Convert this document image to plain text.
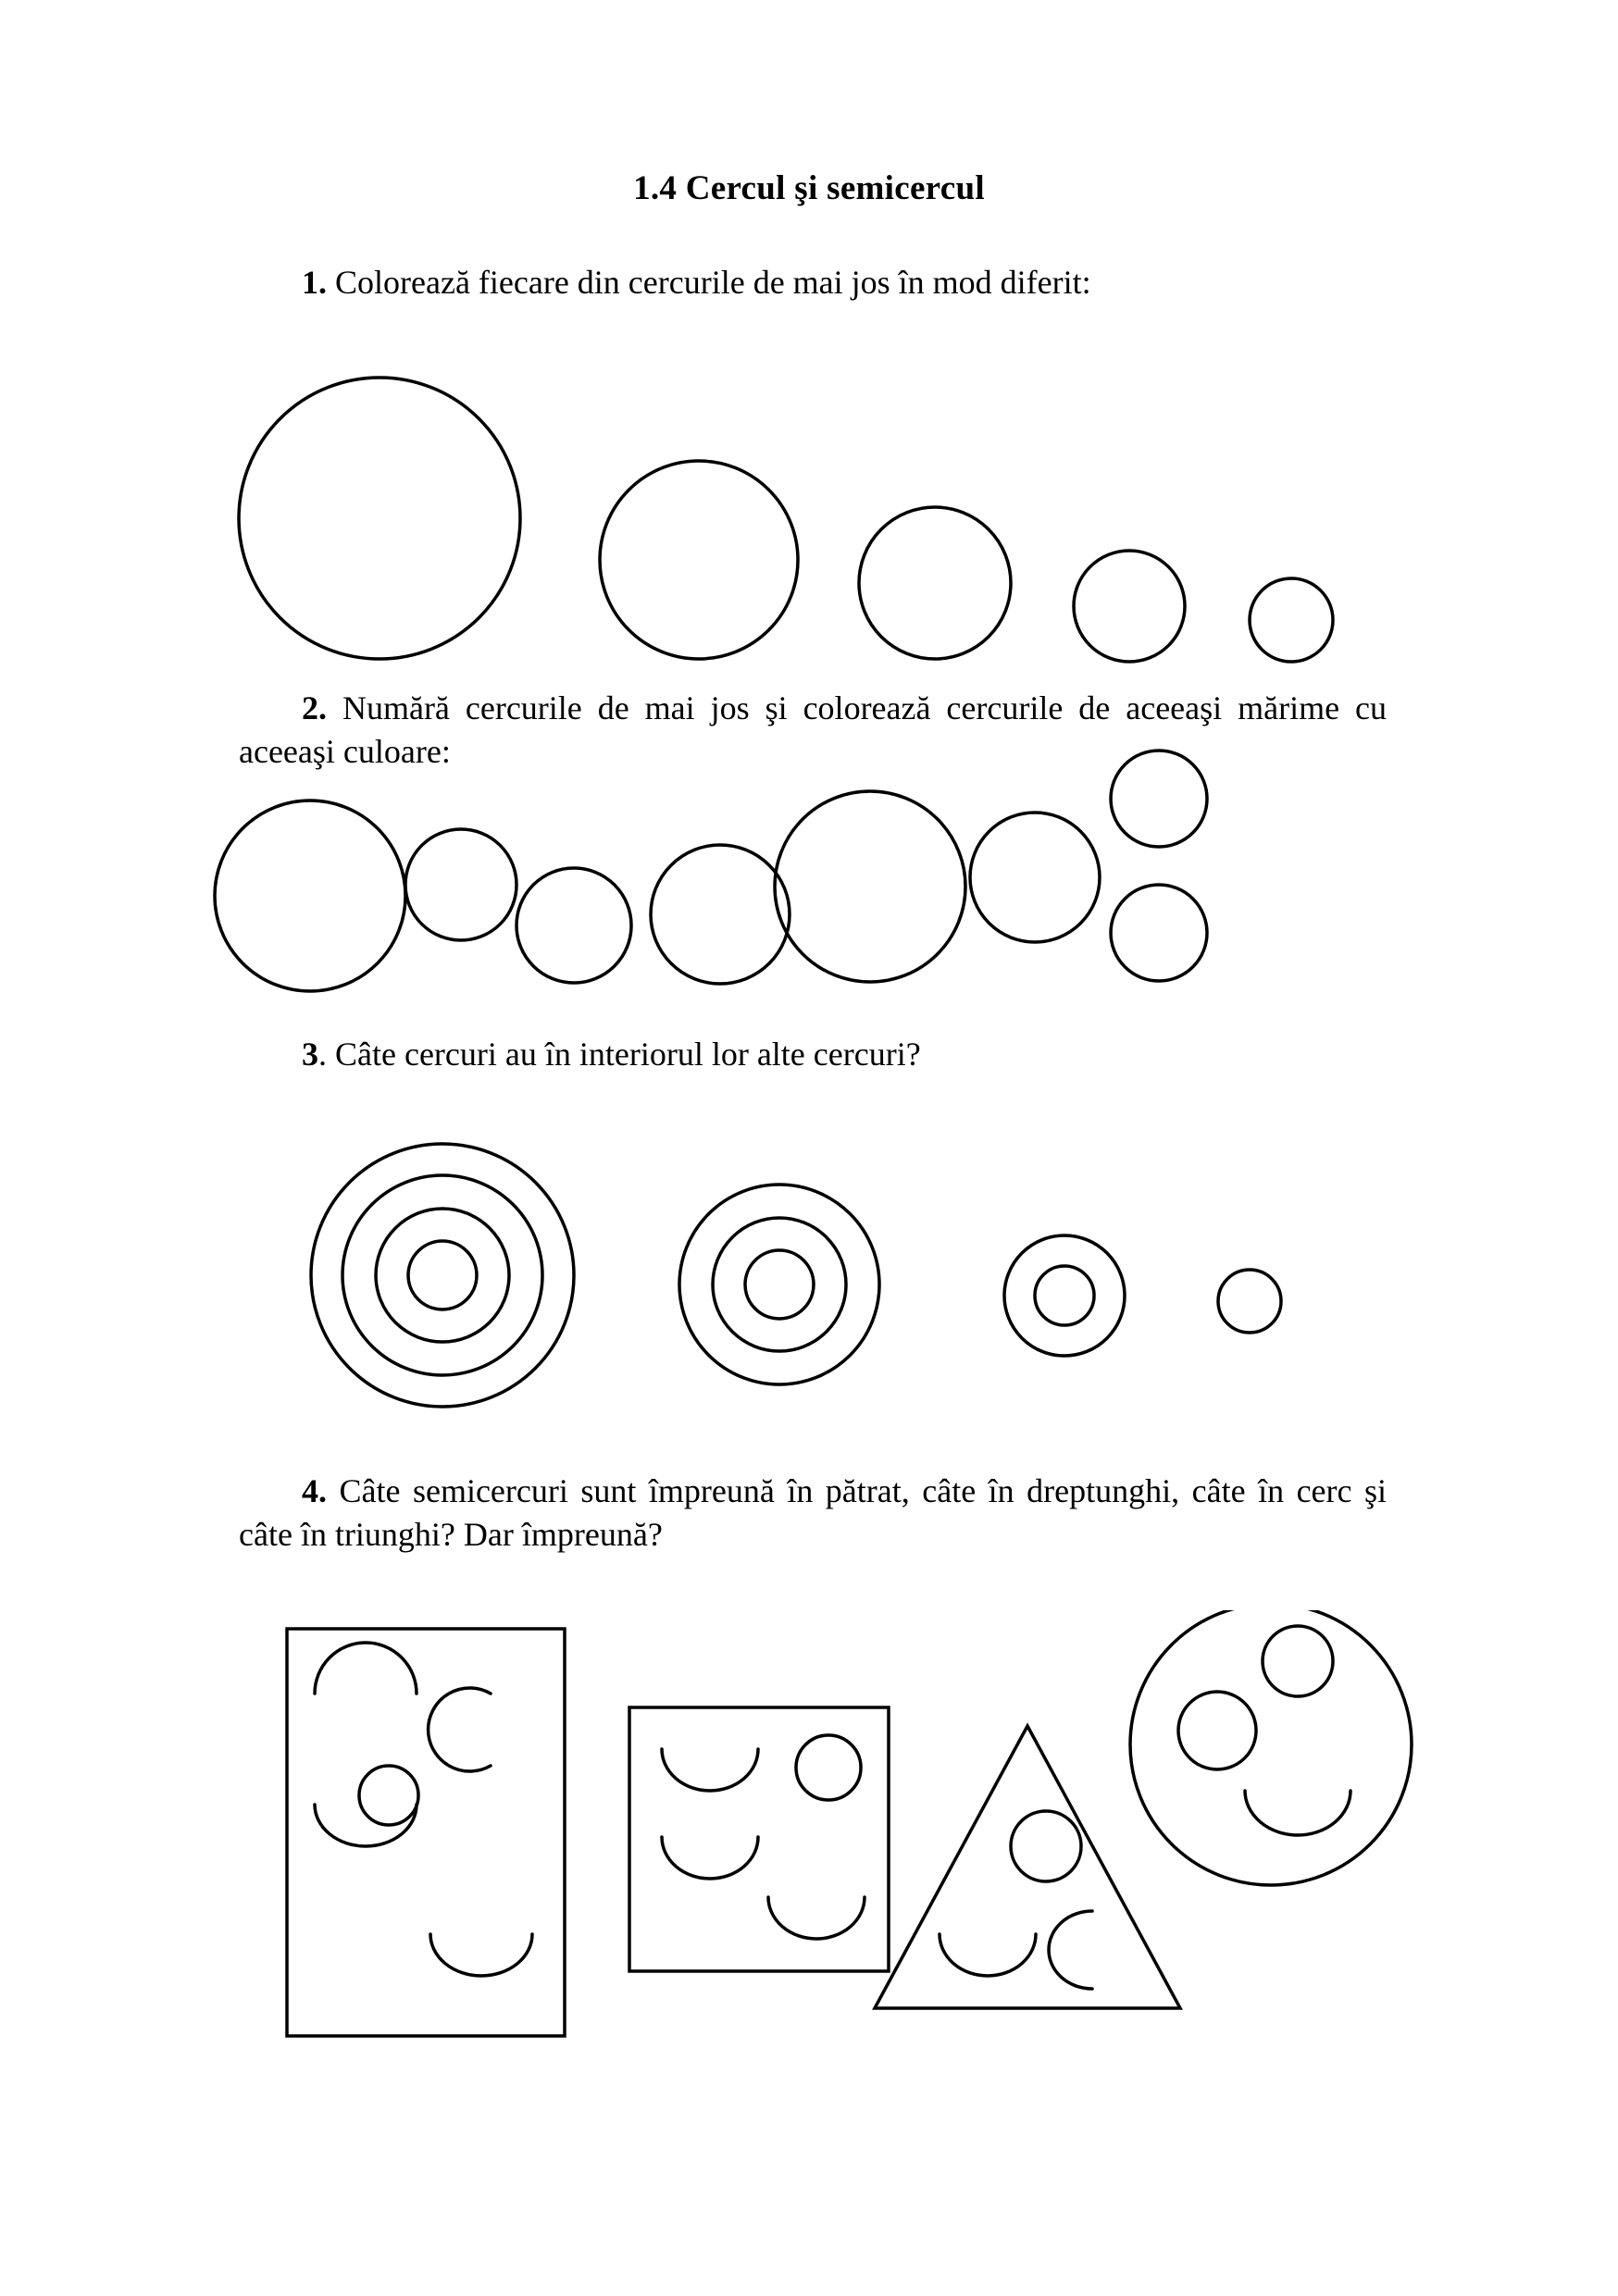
1.4 Cercul şi semicercul
1. Colorează fiecare din cercurile de mai jos în mod diferit:
2. Numără cercurile de mai jos şi colorează cercurile de aceeaşi mărime cu aceeaşi culoare:
3. Câte cercuri au în interiorul lor alte cercuri?
4. Câte semicercuri sunt împreună în pătrat, câte în dreptunghi, câte în cerc şi câte în triunghi? Dar împreună?
